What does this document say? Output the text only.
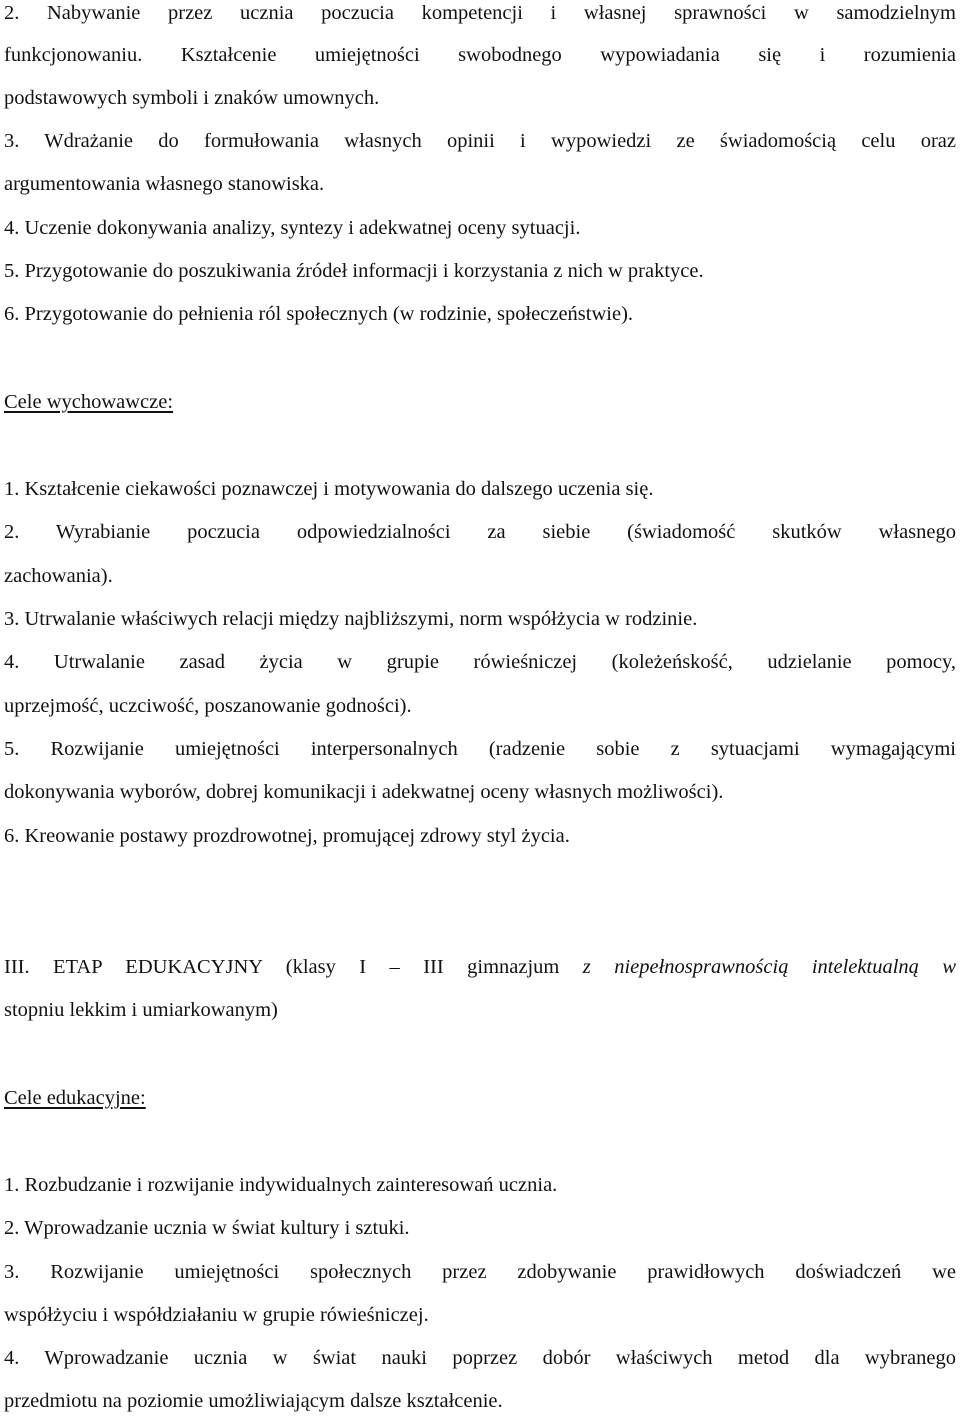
2. Nabywanie przez ucznia poczucia kompetencji i własnej sprawności w samodzielnym
funkcjonowaniu. Kształcenie umiejętności swobodnego wypowiadania się i rozumienia
podstawowych symboli i znaków umownych.
3. Wdrażanie do formułowania własnych opinii i wypowiedzi ze świadomością celu oraz
argumentowania własnego stanowiska.
4. Uczenie dokonywania analizy, syntezy i adekwatnej oceny sytuacji.
5. Przygotowanie do poszukiwania źródeł informacji i korzystania z nich w praktyce.
6. Przygotowanie do pełnienia ról społecznych (w rodzinie, społeczeństwie).
Cele wychowawcze:
1. Kształcenie ciekawości poznawczej i motywowania do dalszego uczenia się.
2. Wyrabianie poczucia odpowiedzialności za siebie (świadomość skutków własnego
zachowania).
3. Utrwalanie właściwych relacji między najbliższymi, norm współżycia w rodzinie.
4. Utrwalanie zasad życia w grupie rówieśniczej (koleżeńskość, udzielanie pomocy,
uprzejmość, uczciwość, poszanowanie godności).
5. Rozwijanie umiejętności interpersonalnych (radzenie sobie z sytuacjami wymagającymi
dokonywania wyborów, dobrej komunikacji i adekwatnej oceny własnych możliwości).
6. Kreowanie postawy prozdrowotnej, promującej zdrowy styl życia.
III. ETAP EDUKACYJNY (klasy I – III gimnazjum z niepełnosprawnością intelektualną w
stopniu lekkim i umiarkowanym)
Cele edukacyjne:
1. Rozbudzanie i rozwijanie indywidualnych zainteresowań ucznia.
2. Wprowadzanie ucznia w świat kultury i sztuki.
3. Rozwijanie umiejętności społecznych przez zdobywanie prawidłowych doświadczeń we
współżyciu i współdziałaniu w grupie rówieśniczej.
4. Wprowadzanie ucznia w świat nauki poprzez dobór właściwych metod dla wybranego
przedmiotu na poziomie umożliwiającym dalsze kształcenie.
